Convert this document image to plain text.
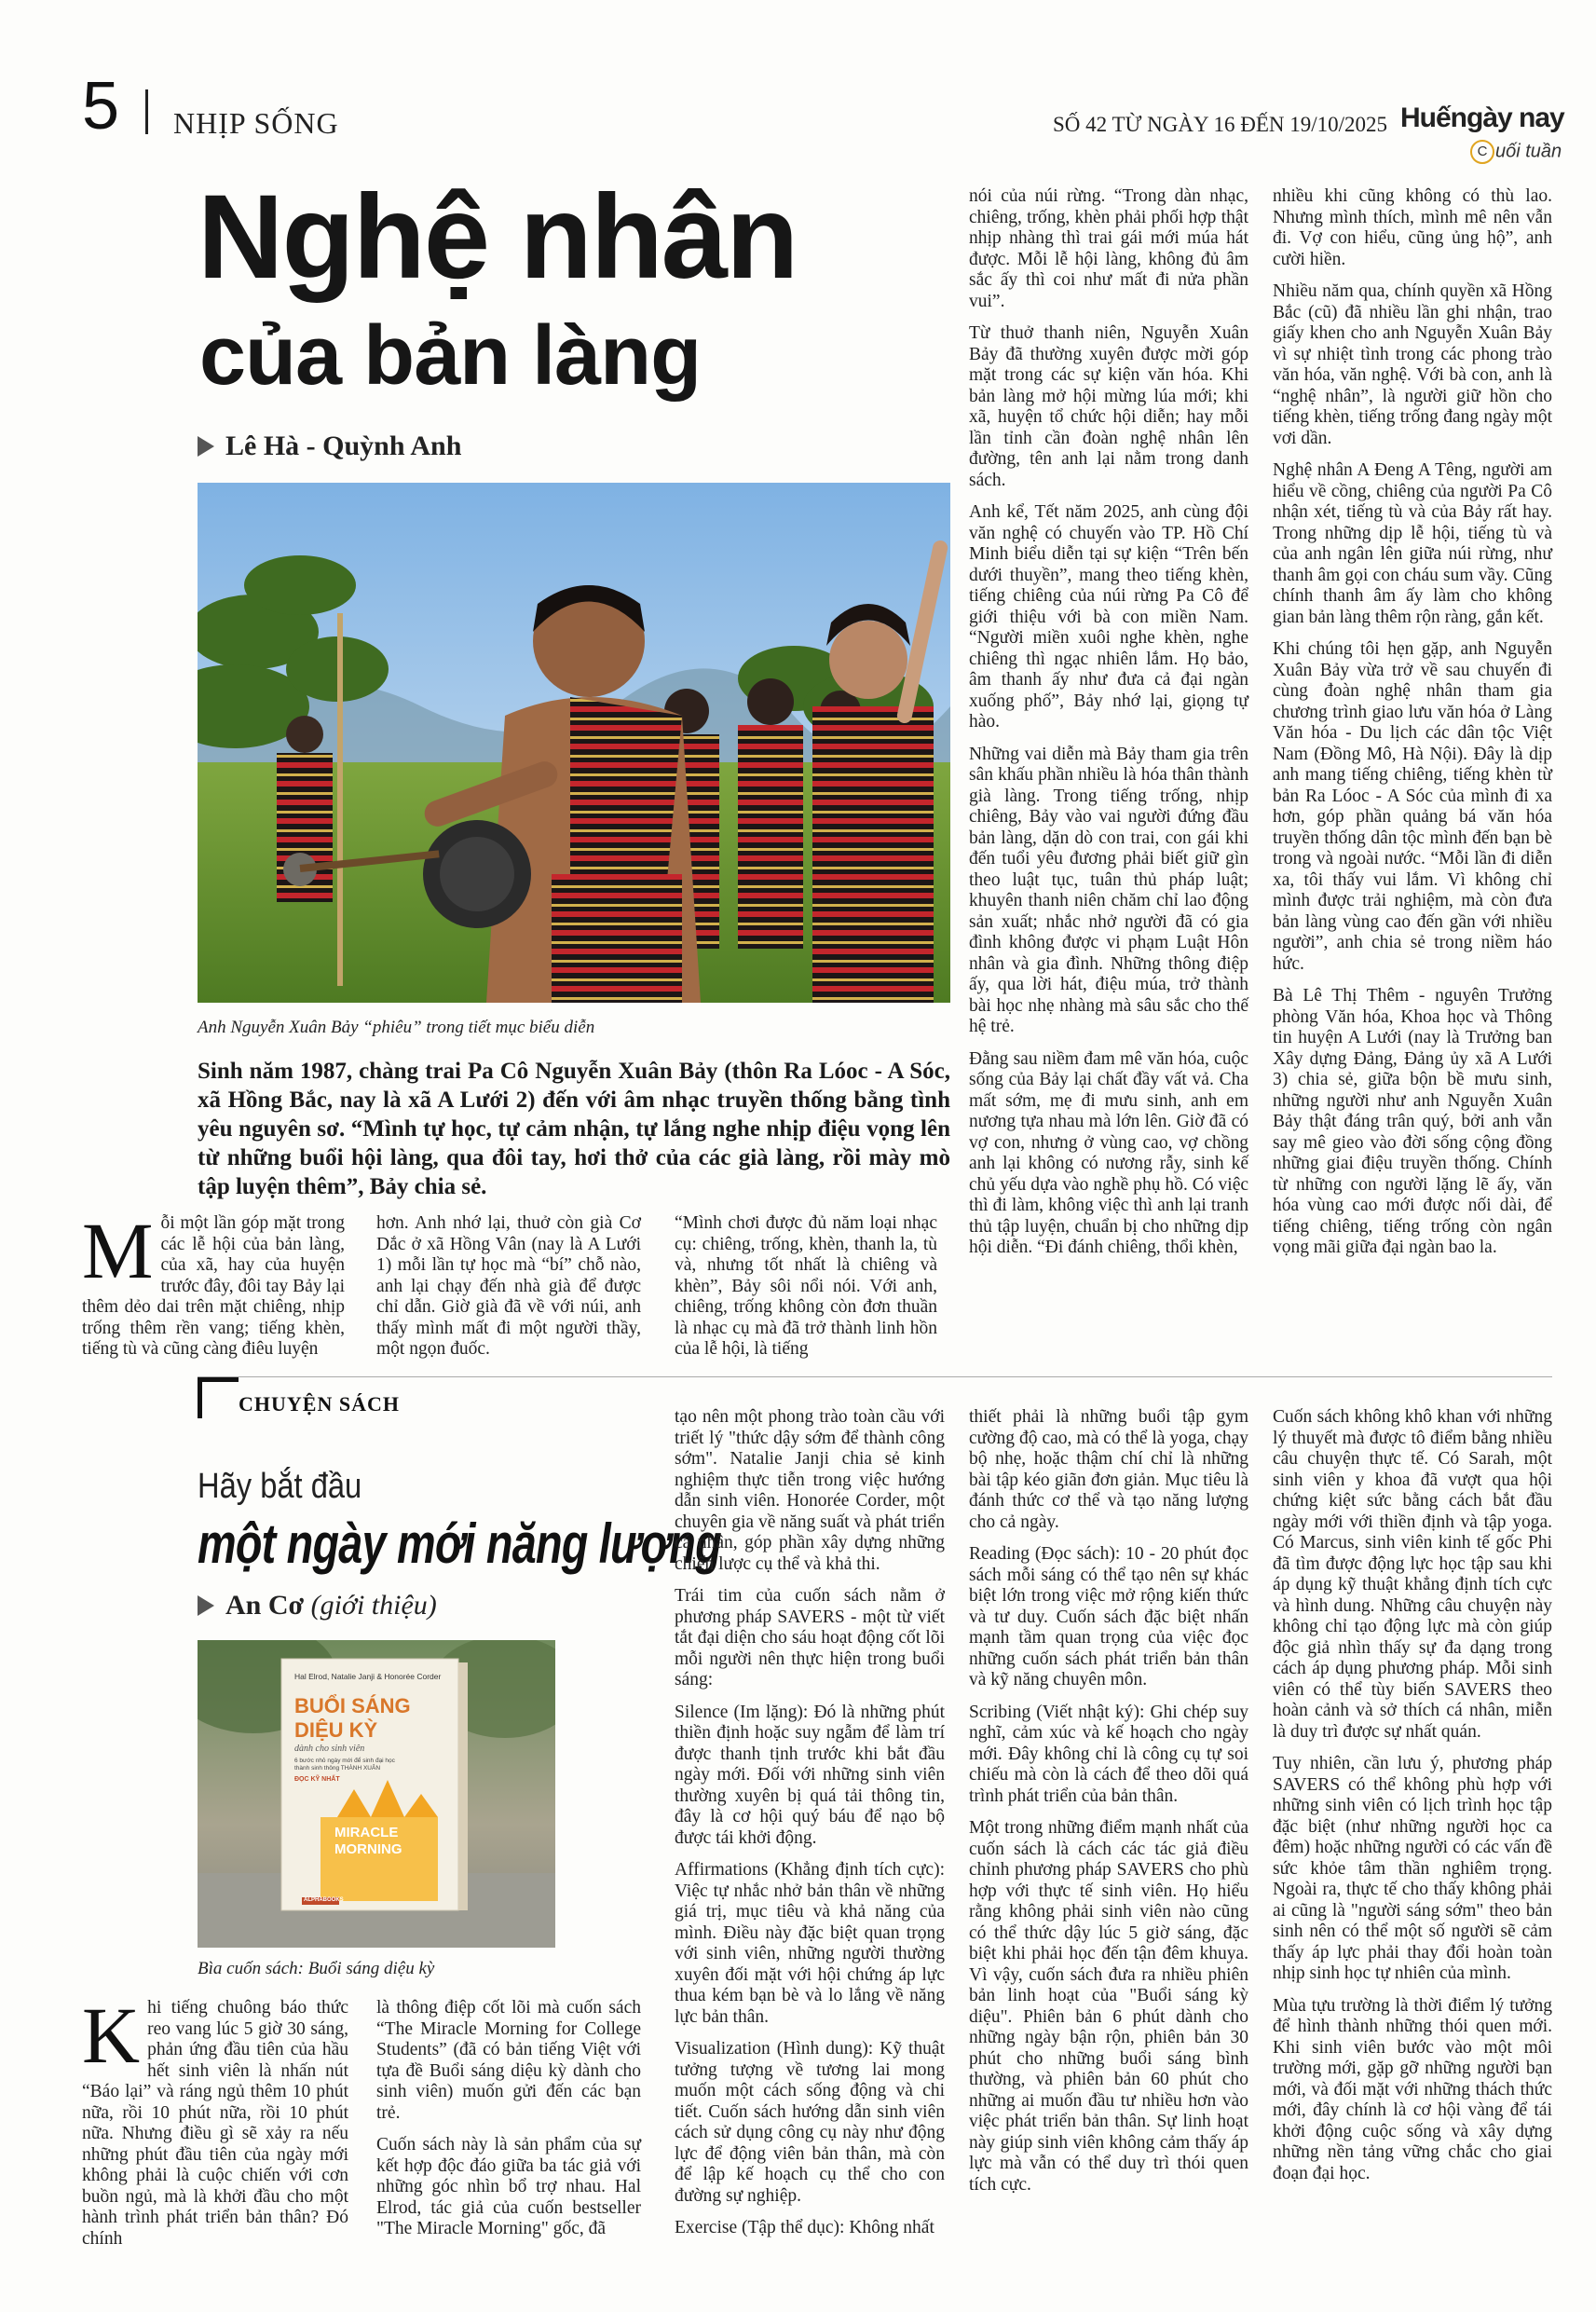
5 NHỊP SỐNG	SỐ 42 TỪ NGÀY 16 ĐẾN 19/10/2025 Huếngày nay
C uối tuần
Nghệ nhân
của bản làng
Lê Hà - Quỳnh Anh
Anh Nguyễn Xuân Bảy “phiêu” trong tiết mục biểu diễn
Sinh năm 1987, chàng trai Pa Cô Nguyễn Xuân Bảy (thôn Ra Lóoc - A Sóc, xã Hồng Bắc, nay là xã A Lưới 2) đến với âm nhạc truyền thống bằng tình yêu nguyên sơ. “Mình tự học, tự cảm nhận, tự lắng nghe nhịp điệu vọng lên từ những buổi hội làng, qua đôi tay, hơi thở của các già làng, rồi mày mò tập luyện thêm”, Bảy chia sẻ.

Mỗi một lần góp mặt trong các lễ hội của bản làng, của xã, hay của huyện trước đây, đôi tay Bảy lại thêm dẻo dai trên mặt chiêng, nhịp trống thêm rền vang; tiếng khèn, tiếng tù và cũng càng điêu luyện

hơn. Anh nhớ lại, thuở còn già Cơ Dắc ở xã Hồng Vân (nay là A Lưới 1) mỗi lần tự học mà “bí” chỗ nào, anh lại chạy đến nhà già để được chỉ dẫn. Giờ già đã về với núi, anh thấy mình mất đi một người thầy, một ngọn đuốc.

“Mình chơi được đủ năm loại nhạc cụ: chiêng, trống, khèn, thanh la, tù và, nhưng tốt nhất là chiêng và khèn”, Bảy sôi nổi nói. Với anh, chiêng, trống không còn đơn thuần là nhạc cụ mà đã trở thành linh hồn của lễ hội, là tiếng

nói của núi rừng. “Trong dàn nhạc, chiêng, trống, khèn phải phối hợp thật nhịp nhàng thì trai gái mới múa hát được. Mỗi lễ hội làng, không đủ âm sắc ấy thì coi như mất đi nửa phần vui”.

Từ thuở thanh niên, Nguyễn Xuân Bảy đã thường xuyên được mời góp mặt trong các sự kiện văn hóa. Khi bản làng mở hội mừng lúa mới; khi xã, huyện tổ chức hội diễn; hay mỗi lần tỉnh cần đoàn nghệ nhân lên đường, tên anh lại nằm trong danh sách.

Anh kể, Tết năm 2025, anh cùng đội văn nghệ có chuyến vào TP. Hồ Chí Minh biểu diễn tại sự kiện “Trên bến dưới thuyền”, mang theo tiếng khèn, tiếng chiêng của núi rừng Pa Cô để giới thiệu với bà con miền Nam. “Người miền xuôi nghe khèn, nghe chiêng thì ngạc nhiên lắm. Họ bảo, âm thanh ấy như đưa cả đại ngàn xuống phố”, Bảy nhớ lại, giọng tự hào.

Những vai diễn mà Bảy tham gia trên sân khấu phần nhiều là hóa thân thành già làng. Trong tiếng trống, nhịp chiêng, Bảy vào vai người đứng đầu bản làng, dặn dò con trai, con gái khi đến tuổi yêu đương phải biết giữ gìn theo luật tục, tuân thủ pháp luật; khuyên thanh niên chăm chỉ lao động sản xuất; nhắc nhở người đã có gia đình không được vi phạm Luật Hôn nhân và gia đình. Những thông điệp ấy, qua lời hát, điệu múa, trở thành bài học nhẹ nhàng mà sâu sắc cho thế hệ trẻ.

Đằng sau niềm đam mê văn hóa, cuộc sống của Bảy lại chất đầy vất vả. Cha mất sớm, mẹ đi mưu sinh, anh em nương tựa nhau mà lớn lên. Giờ đã có vợ con, nhưng ở vùng cao, vợ chồng anh lại không có nương rẫy, sinh kế chủ yếu dựa vào nghề phụ hồ. Có việc thì đi làm, không việc thì anh lại tranh thủ tập luyện, chuẩn bị cho những dịp hội diễn. “Đi đánh chiêng, thổi khèn,

nhiều khi cũng không có thù lao. Nhưng mình thích, mình mê nên vẫn đi. Vợ con hiểu, cũng ủng hộ”, anh cười hiền.

Nhiều năm qua, chính quyền xã Hồng Bắc (cũ) đã nhiều lần ghi nhận, trao giấy khen cho anh Nguyễn Xuân Bảy vì sự nhiệt tình trong các phong trào văn hóa, văn nghệ. Với bà con, anh là “nghệ nhân”, là người giữ hồn cho tiếng khèn, tiếng trống đang ngày một vơi dần.

Nghệ nhân A Đeng A Têng, người am hiểu về cồng, chiêng của người Pa Cô nhận xét, tiếng tù và của Bảy rất hay. Trong những dịp lễ hội, tiếng tù và của anh ngân lên giữa núi rừng, như thanh âm gọi con cháu sum vầy. Cũng chính thanh âm ấy làm cho không gian bản làng thêm rộn ràng, gắn kết.

Khi chúng tôi hẹn gặp, anh Nguyễn Xuân Bảy vừa trở về sau chuyến đi cùng đoàn nghệ nhân tham gia chương trình giao lưu văn hóa ở Làng Văn hóa - Du lịch các dân tộc Việt Nam (Đồng Mô, Hà Nội). Đây là dịp anh mang tiếng chiêng, tiếng khèn từ bản Ra Lóoc - A Sóc của mình đi xa hơn, góp phần quảng bá văn hóa truyền thống dân tộc mình đến bạn bè trong và ngoài nước. “Mỗi lần đi diễn xa, tôi thấy vui lắm. Vì không chỉ mình được trải nghiệm, mà còn đưa bản làng vùng cao đến gần với nhiều người”, anh chia sẻ trong niềm háo hức.

Bà Lê Thị Thêm - nguyên Trưởng phòng Văn hóa, Khoa học và Thông tin huyện A Lưới (nay là Trưởng ban Xây dựng Đảng, Đảng ủy xã A Lưới 3) chia sẻ, giữa bộn bề mưu sinh, những người như anh Nguyễn Xuân Bảy thật đáng trân quý, bởi anh vẫn say mê gieo vào đời sống cộng đồng những giai điệu truyền thống. Chính từ những con người lặng lẽ ấy, văn hóa vùng cao mới được nối dài, để tiếng chiêng, tiếng trống còn ngân vọng mãi giữa đại ngàn bao la.

CHUYỆN SÁCH
Hãy bắt đầu
một ngày mới năng lượng
An Cơ (giới thiệu)
Hal Elrod, Natalie Janji & Honorée Corder
BUỔI SÁNG
DIỆU KỲ
dành cho sinh viên
6 bước nhỏ ngày mới để sinh đại học thành sinh thông THÀNH XUÂN
ĐỌC KỸ NHẤT
MIRACLE
MORNING
ALPHABOOKS
Bìa cuốn sách: Buổi sáng diệu kỳ

Khi tiếng chuông báo thức reo vang lúc 5 giờ 30 sáng, phản ứng đầu tiên của hầu hết sinh viên là nhấn nút “Báo lại” và ráng ngủ thêm 10 phút nữa, rồi 10 phút nữa, rồi 10 phút nữa. Nhưng điều gì sẽ xảy ra nếu những phút đầu tiên của ngày mới không phải là cuộc chiến với cơn buồn ngủ, mà là khởi đầu cho một hành trình phát triển bản thân? Đó chính

là thông điệp cốt lõi mà cuốn sách “The Miracle Morning for College Students” (đã có bản tiếng Việt với tựa đề Buổi sáng diệu kỳ dành cho sinh viên) muốn gửi đến các bạn trẻ.

Cuốn sách này là sản phẩm của sự kết hợp độc đáo giữa ba tác giả với những góc nhìn bổ trợ nhau. Hal Elrod, tác giả của cuốn bestseller "The Miracle Morning" gốc, đã

tạo nên một phong trào toàn cầu với triết lý "thức dậy sớm để thành công sớm". Natalie Janji chia sẻ kinh nghiệm thực tiễn trong việc hướng dẫn sinh viên. Honorée Corder, một chuyên gia về năng suất và phát triển cá nhân, góp phần xây dựng những chiến lược cụ thể và khả thi.

Trái tim của cuốn sách nằm ở phương pháp SAVERS - một từ viết tắt đại diện cho sáu hoạt động cốt lõi mỗi người nên thực hiện trong buổi sáng:

Silence (Im lặng): Đó là những phút thiền định hoặc suy ngẫm để làm trí được thanh tịnh trước khi bắt đầu ngày mới. Đối với những sinh viên thường xuyên bị quá tải thông tin, đây là cơ hội quý báu để nạo bộ được tái khởi động.

Affirmations (Khẳng định tích cực): Việc tự nhắc nhở bản thân về những giá trị, mục tiêu và khả năng của mình. Điều này đặc biệt quan trọng với sinh viên, những người thường xuyên đối mặt với hội chứng áp lực thua kém bạn bè và lo lắng về năng lực bản thân.

Visualization (Hình dung): Kỹ thuật tưởng tượng về tương lai mong muốn một cách sống động và chi tiết. Cuốn sách hướng dẫn sinh viên cách sử dụng công cụ này như động lực để động viên bản thân, mà còn để lập kế hoạch cụ thể cho con đường sự nghiệp.

Exercise (Tập thể dục): Không nhất

thiết phải là những buổi tập gym cường độ cao, mà có thể là yoga, chạy bộ nhẹ, hoặc thậm chí chỉ là những bài tập kéo giãn đơn giản. Mục tiêu là đánh thức cơ thể và tạo năng lượng cho cả ngày.

Reading (Đọc sách): 10 - 20 phút đọc sách mỗi sáng có thể tạo nên sự khác biệt lớn trong việc mở rộng kiến thức và tư duy. Cuốn sách đặc biệt nhấn mạnh tầm quan trọng của việc đọc những cuốn sách phát triển bản thân và kỹ năng chuyên môn.

Scribing (Viết nhật ký): Ghi chép suy nghĩ, cảm xúc và kế hoạch cho ngày mới. Đây không chỉ là công cụ tự soi chiếu mà còn là cách để theo dõi quá trình phát triển của bản thân.

Một trong những điểm mạnh nhất của cuốn sách là cách các tác giả điều chỉnh phương pháp SAVERS cho phù hợp với thực tế sinh viên. Họ hiểu rằng không phải sinh viên nào cũng có thể thức dậy lúc 5 giờ sáng, đặc biệt khi phải học đến tận đêm khuya. Vì vậy, cuốn sách đưa ra nhiều phiên bản linh hoạt của "Buổi sáng kỳ diệu". Phiên bản 6 phút dành cho những ngày bận rộn, phiên bản 30 phút cho những buổi sáng bình thường, và phiên bản 60 phút cho những ai muốn đầu tư nhiều hơn vào việc phát triển bản thân. Sự linh hoạt này giúp sinh viên không cảm thấy áp lực mà vẫn có thể duy trì thói quen tích cực.

Cuốn sách không khô khan với những lý thuyết mà được tô điểm bằng nhiều câu chuyện thực tế. Có Sarah, một sinh viên y khoa đã vượt qua hội chứng kiệt sức bằng cách bắt đầu ngày mới với thiền định và tập yoga. Có Marcus, sinh viên kinh tế gốc Phi đã tìm được động lực học tập sau khi áp dụng kỹ thuật khẳng định tích cực và hình dung. Những câu chuyện này không chỉ tạo động lực mà còn giúp độc giả nhìn thấy sự đa dạng trong cách áp dụng phương pháp. Mỗi sinh viên có thể tùy biến SAVERS theo hoàn cảnh và sở thích cá nhân, miễn là duy trì được sự nhất quán.

Tuy nhiên, cần lưu ý, phương pháp SAVERS có thể không phù hợp với những sinh viên có lịch trình học tập đặc biệt (như những người học ca đêm) hoặc những người có các vấn đề sức khỏe tâm thần nghiêm trọng. Ngoài ra, thực tế cho thấy không phải ai cũng là "người sáng sớm" theo bản sinh nên có thể một số người sẽ cảm thấy áp lực phải thay đổi hoàn toàn nhịp sinh học tự nhiên của mình.

Mùa tựu trường là thời điểm lý tưởng để hình thành những thói quen mới. Khi sinh viên bước vào một môi trường mới, gặp gỡ những người bạn mới, và đối mặt với những thách thức mới, đây chính là cơ hội vàng để tái khởi động cuộc sống và xây dựng những nền tảng vững chắc cho giai đoạn đại học.
